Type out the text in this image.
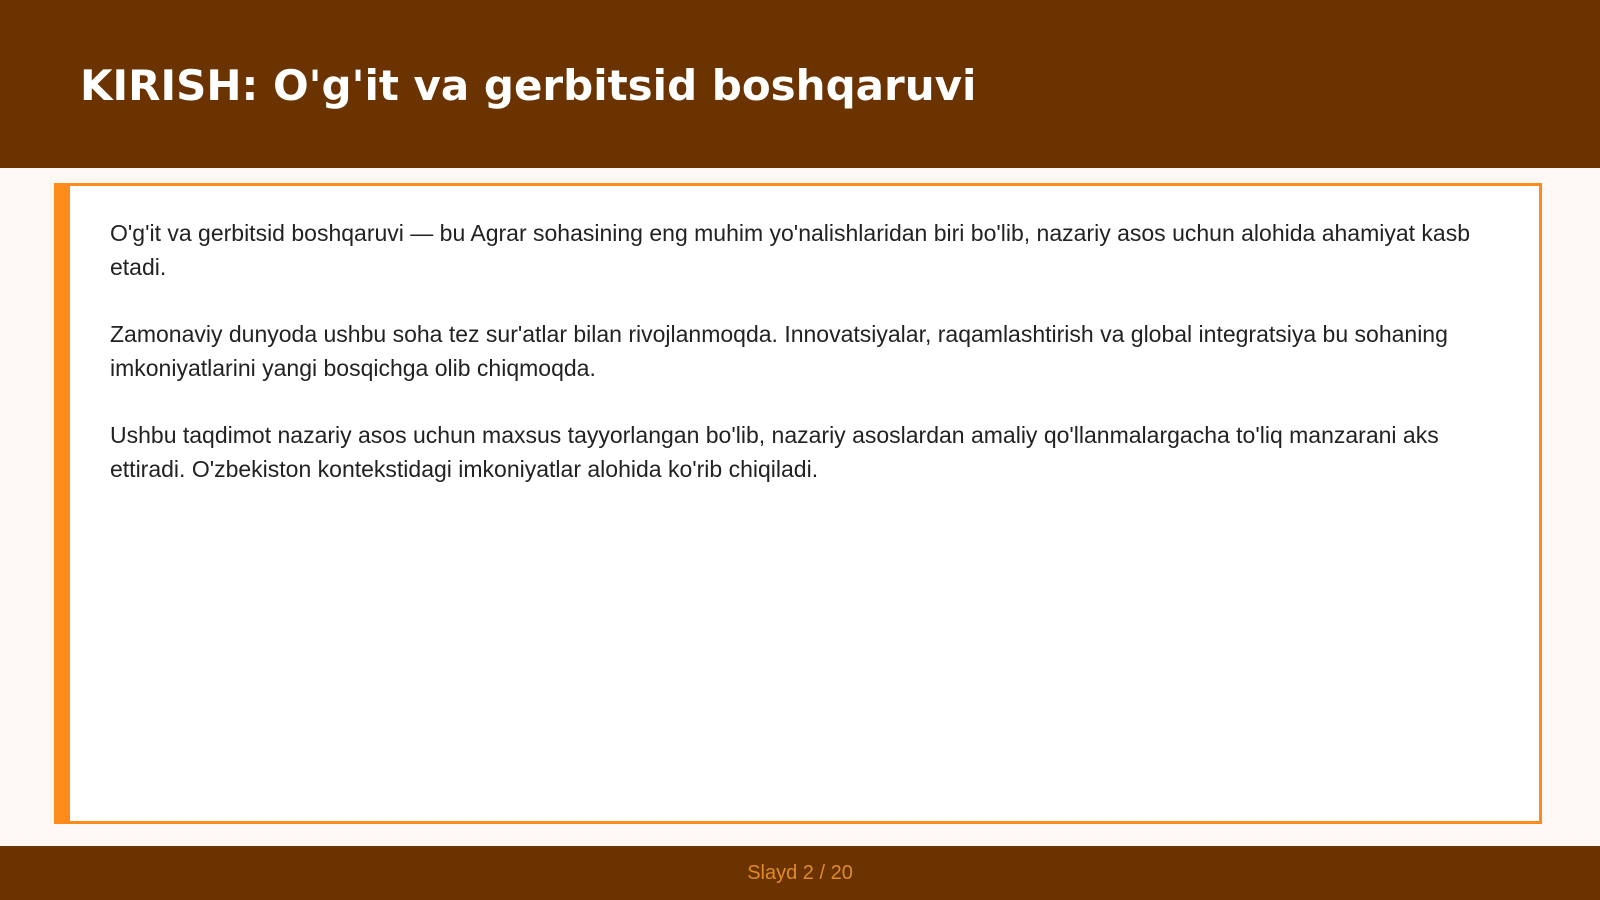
KIRISH: O'g'it va gerbitsid boshqaruvi

O'g'it va gerbitsid boshqaruvi — bu Agrar sohasining eng muhim yo'nalishlaridan biri bo'lib, nazariy asos uchun alohida ahamiyat kasb etadi.

Zamonaviy dunyoda ushbu soha tez sur'atlar bilan rivojlanmoqda. Innovatsiyalar, raqamlashtirish va global integratsiya bu sohaning imkoniyatlarini yangi bosqichga olib chiqmoqda.

Ushbu taqdimot nazariy asos uchun maxsus tayyorlangan bo'lib, nazariy asoslardan amaliy qo'llanmalargacha to'liq manzarani aks ettiradi. O'zbekiston kontekstidagi imkoniyatlar alohida ko'rib chiqiladi.

Slayd 2 / 20
